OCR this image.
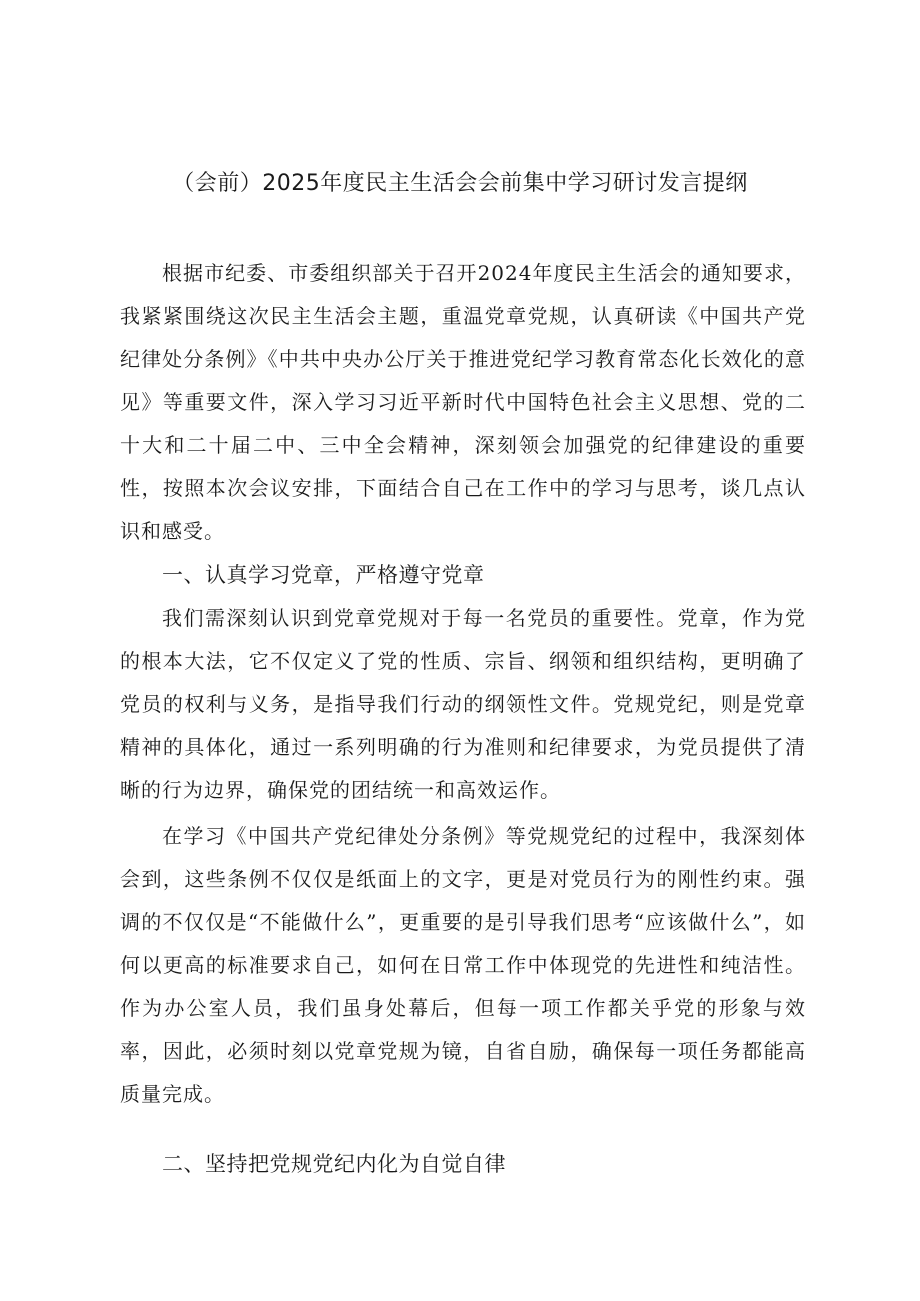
（会前）2025年度民主生活会会前集中学习研讨发言提纲

根据市纪委、市委组织部关于召开2024年度民主生活会的通知要求，我紧紧围绕这次民主生活会主题，重温党章党规，认真研读《中国共产党纪律处分条例》《中共中央办公厅关于推进党纪学习教育常态化长效化的意见》等重要文件，深入学习习近平新时代中国特色社会主义思想、党的二十大和二十届二中、三中全会精神，深刻领会加强党的纪律建设的重要性，按照本次会议安排，下面结合自己在工作中的学习与思考，谈几点认识和感受。

一、认真学习党章，严格遵守党章

我们需深刻认识到党章党规对于每一名党员的重要性。党章，作为党的根本大法，它不仅定义了党的性质、宗旨、纲领和组织结构，更明确了党员的权利与义务，是指导我们行动的纲领性文件。党规党纪，则是党章精神的具体化，通过一系列明确的行为准则和纪律要求，为党员提供了清晰的行为边界，确保党的团结统一和高效运作。

在学习《中国共产党纪律处分条例》等党规党纪的过程中，我深刻体会到，这些条例不仅仅是纸面上的文字，更是对党员行为的刚性约束。强调的不仅仅是“不能做什么”，更重要的是引导我们思考“应该做什么”，如何以更高的标准要求自己，如何在日常工作中体现党的先进性和纯洁性。作为办公室人员，我们虽身处幕后，但每一项工作都关乎党的形象与效率，因此，必须时刻以党章党规为镜，自省自励，确保每一项任务都能高质量完成。

二、坚持把党规党纪内化为自觉自律
